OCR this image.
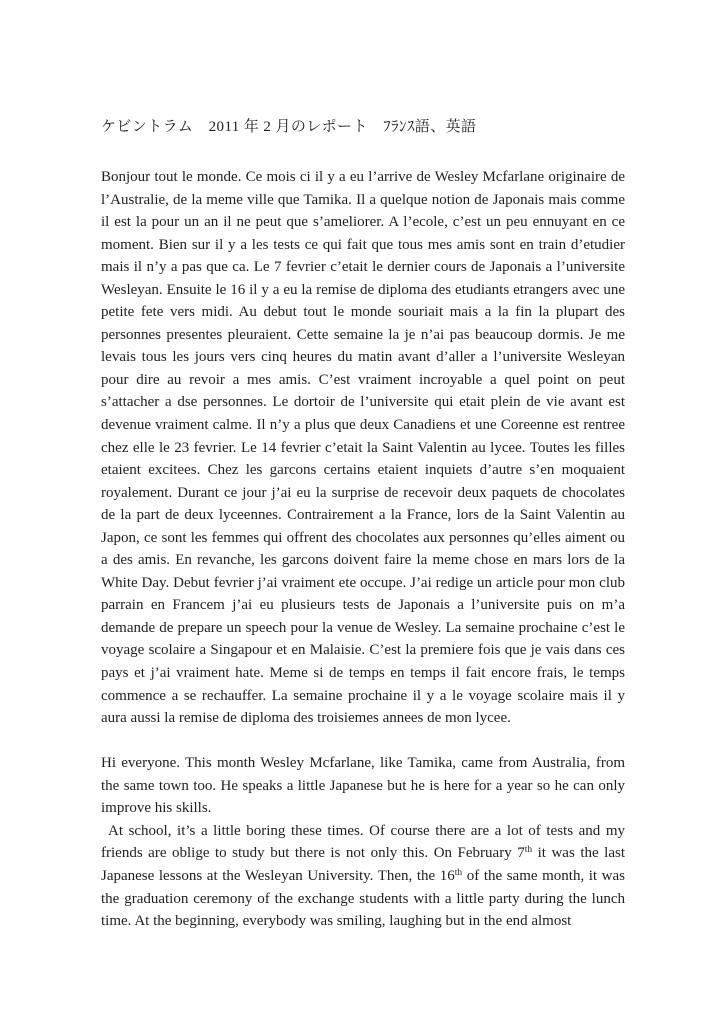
ケビントラム　2011 年 2 月のレポート　ﾌﾗﾝｽ語、英語

Bonjour tout le monde. Ce mois ci il y a eu l’arrive de Wesley Mcfarlane originaire de l’Australie, de la meme ville que Tamika. Il a quelque notion de Japonais mais comme il est la pour un an il ne peut que s’ameliorer. A l’ecole, c’est un peu ennuyant en ce moment. Bien sur il y a les tests ce qui fait que tous mes amis sont en train d’etudier mais il n’y a pas que ca. Le 7 fevrier c’etait le dernier cours de Japonais a l’universite Wesleyan. Ensuite le 16 il y a eu la remise de diploma des etudiants etrangers avec une petite fete vers midi. Au debut tout le monde souriait mais a la fin la plupart des personnes presentes pleuraient. Cette semaine la je n’ai pas beaucoup dormis. Je me levais tous les jours vers cinq heures du matin avant d’aller a l’universite Wesleyan pour dire au revoir a mes amis. C’est vraiment incroyable a quel point on peut s’attacher a dse personnes. Le dortoir de l’universite qui etait plein de vie avant est devenue vraiment calme. Il n’y a plus que deux Canadiens et une Coreenne est rentree chez elle le 23 fevrier. Le 14 fevrier c’etait la Saint Valentin au lycee. Toutes les filles etaient excitees. Chez les garcons certains etaient inquiets d’autre s’en moquaient royalement. Durant ce jour j’ai eu la surprise de recevoir deux paquets de chocolates de la part de deux lyceennes. Contrairement a la France, lors de la Saint Valentin au Japon, ce sont les femmes qui offrent des chocolates aux personnes qu’elles aiment ou a des amis. En revanche, les garcons doivent faire la meme chose en mars lors de la White Day. Debut fevrier j’ai vraiment ete occupe. J’ai redige un article pour mon club parrain en Francem j’ai eu plusieurs tests de Japonais a l’universite puis on m’a demande de prepare un speech pour la venue de Wesley. La semaine prochaine c’est le voyage scolaire a Singapour et en Malaisie. C’est la premiere fois que je vais dans ces pays et j’ai vraiment hate. Meme si de temps en temps il fait encore frais, le temps commence a se rechauffer. La semaine prochaine il y a le voyage scolaire mais il y aura aussi la remise de diploma des troisiemes annees de mon lycee.

Hi everyone. This month Wesley Mcfarlane, like Tamika, came from Australia, from the same town too. He speaks a little Japanese but he is here for a year so he can only improve his skills.

At school, it’s a little boring these times. Of course there are a lot of tests and my friends are oblige to study but there is not only this. On February 7th it was the last Japanese lessons at the Wesleyan University. Then, the 16th of the same month, it was the graduation ceremony of the exchange students with a little party during the lunch time. At the beginning, everybody was smiling, laughing but in the end almost
